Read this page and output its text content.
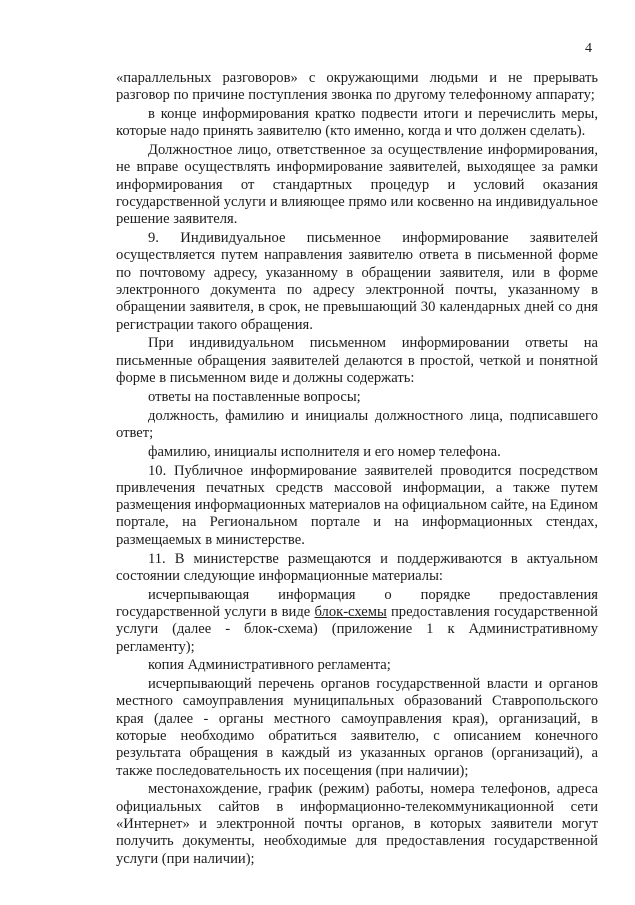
4

«параллельных разговоров» с окружающими людьми и не прерывать разговор по причине поступления звонка по другому телефонному аппарату;

в конце информирования кратко подвести итоги и перечислить меры, которые надо принять заявителю (кто именно, когда и что должен сделать).

Должностное лицо, ответственное за осуществление информирования, не вправе осуществлять информирование заявителей, выходящее за рамки информирования от стандартных процедур и условий оказания государственной услуги и влияющее прямо или косвенно на индивидуальное решение заявителя.

9. Индивидуальное письменное информирование заявителей осуществляется путем направления заявителю ответа в письменной форме по почтовому адресу, указанному в обращении заявителя, или в форме электронного документа по адресу электронной почты, указанному в обращении заявителя, в срок, не превышающий 30 календарных дней со дня регистрации такого обращения.

При индивидуальном письменном информировании ответы на письменные обращения заявителей делаются в простой, четкой и понятной форме в письменном виде и должны содержать:

ответы на поставленные вопросы;

должность, фамилию и инициалы должностного лица, подписавшего ответ;

фамилию, инициалы исполнителя и его номер телефона.

10. Публичное информирование заявителей проводится посредством привлечения печатных средств массовой информации, а также путем размещения информационных материалов на официальном сайте, на Едином портале, на Региональном портале и на информационных стендах, размещаемых в министерстве.

11. В министерстве размещаются и поддерживаются в актуальном состоянии следующие информационные материалы:

исчерпывающая информация о порядке предоставления государственной услуги в виде блок-схемы предоставления государственной услуги (далее - блок-схема) (приложение 1 к Административному регламенту);

копия Административного регламента;

исчерпывающий перечень органов государственной власти и органов местного самоуправления муниципальных образований Ставропольского края (далее - органы местного самоуправления края), организаций, в которые необходимо обратиться заявителю, с описанием конечного результата обращения в каждый из указанных органов (организаций), а также последовательность их посещения (при наличии);

местонахождение, график (режим) работы, номера телефонов, адреса официальных сайтов в информационно-телекоммуникационной сети «Интернет» и электронной почты органов, в которых заявители могут получить документы, необходимые для предоставления государственной услуги (при наличии);
